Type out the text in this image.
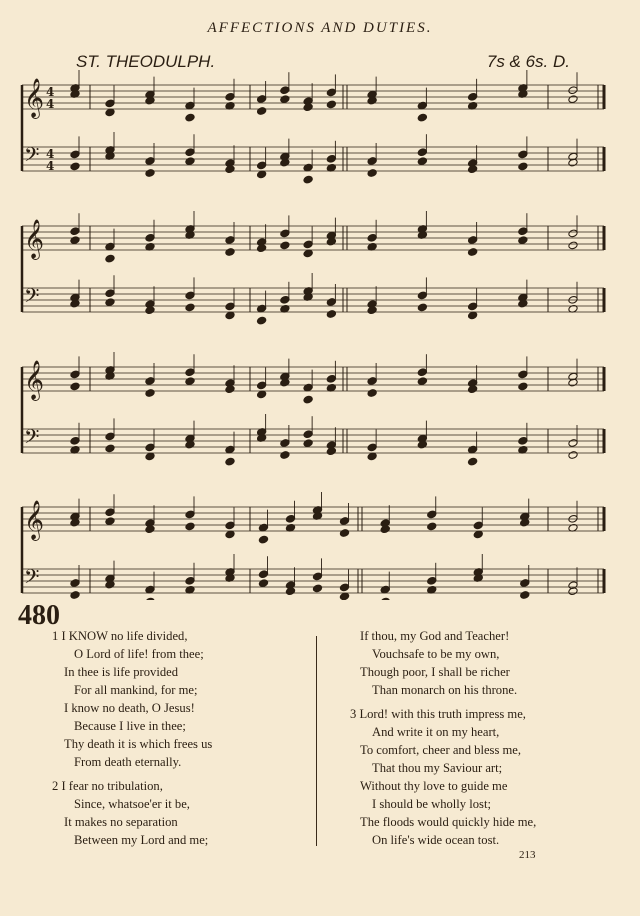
AFFECTIONS AND DUTIES.
ST. THEODULPH.	7s & 6s. D.
𝄞
𝄢
4
4
4
4
𝄞
𝄢
𝄞
𝄢
𝄞
𝄢
480
1 I KNOW no life divided,
O Lord of life! from thee;
In thee is life provided
For all mankind, for me;
I know no death, O Jesus!
Because I live in thee;
Thy death it is which frees us
From death eternally.
2 I fear no tribulation,
Since, whatsoe'er it be,
It makes no separation
Between my Lord and me;
If thou, my God and Teacher!
Vouchsafe to be my own,
Though poor, I shall be richer
Than monarch on his throne.
3 Lord! with this truth impress me,
And write it on my heart,
To comfort, cheer and bless me,
That thou my Saviour art;
Without thy love to guide me
I should be wholly lost;
The floods would quickly hide me,
On life's wide ocean tost.
213
